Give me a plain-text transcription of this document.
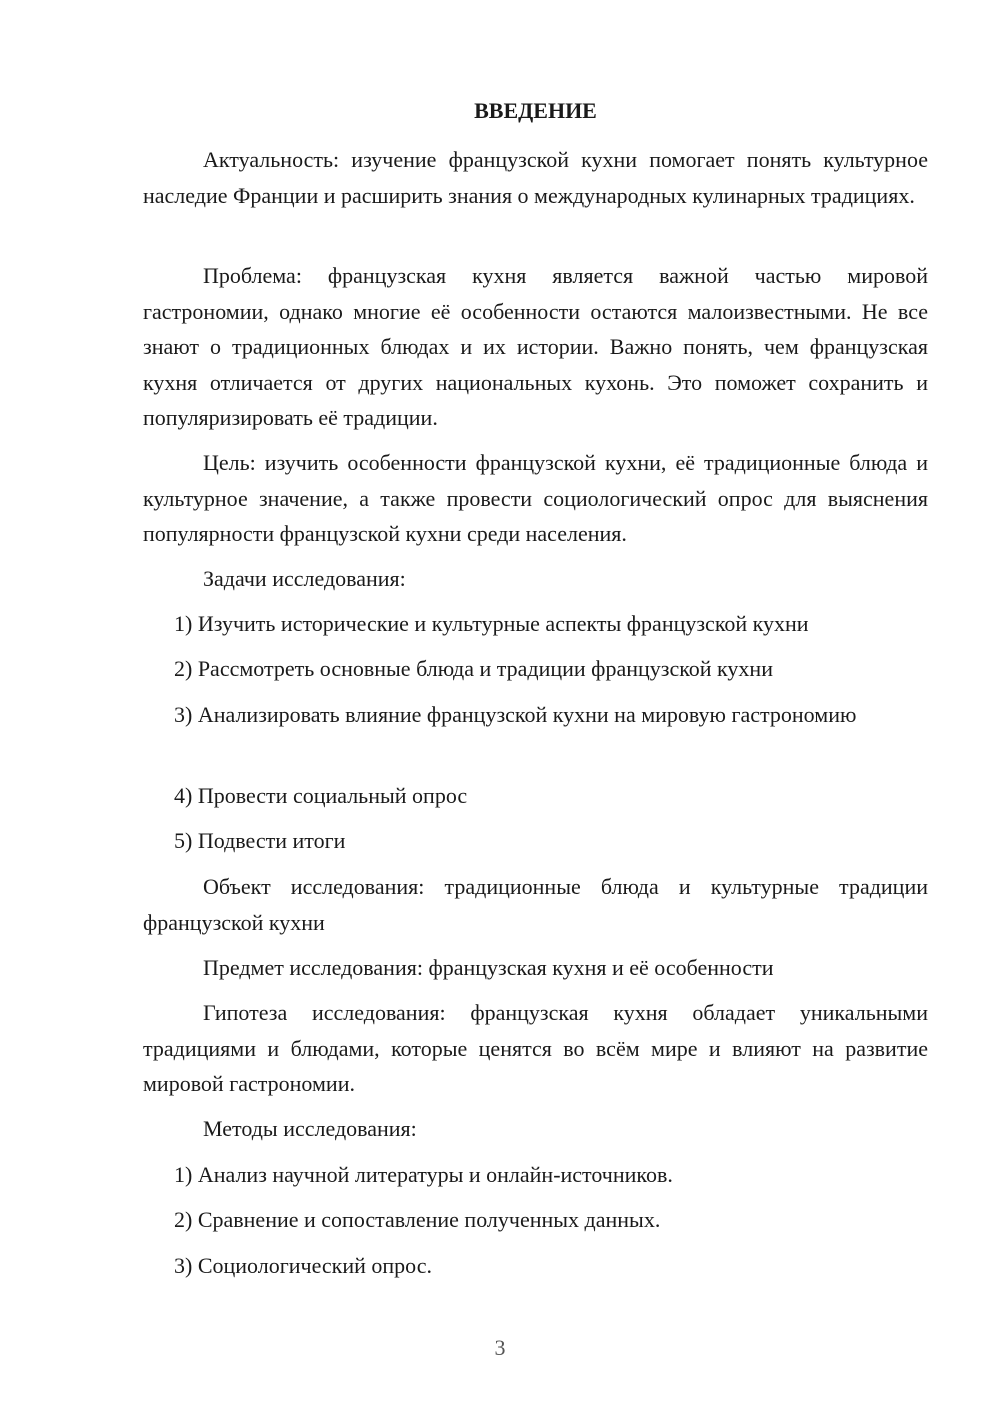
ВВЕДЕНИЕ

Актуальность: изучение французской кухни помогает понять культурное наследие Франции и расширить знания о международных кулинарных традициях.

Проблема: французская кухня является важной частью мировой гастрономии, однако многие её особенности остаются малоизвестными. Не все знают о традиционных блюдах и их истории. Важно понять, чем французская кухня отличается от других национальных кухонь. Это поможет сохранить и популяризировать её традиции.

Цель: изучить особенности французской кухни, её традиционные блюда и культурное значение, а также провести социологический опрос для выяснения популярности французской кухни среди населения.

Задачи исследования:

1) Изучить исторические и культурные аспекты французской кухни

2) Рассмотреть основные блюда и традиции французской кухни

3) Анализировать влияние французской кухни на мировую гастрономию

4) Провести социальный опрос

5) Подвести итоги

Объект исследования: традиционные блюда и культурные традиции французской кухни

Предмет исследования: французская кухня и её особенности

Гипотеза исследования: французская кухня обладает уникальными традициями и блюдами, которые ценятся во всём мире и влияют на развитие мировой гастрономии.

Методы исследования:

1) Анализ научной литературы и онлайн-источников.

2) Сравнение и сопоставление полученных данных.

3) Социологический опрос.

3
